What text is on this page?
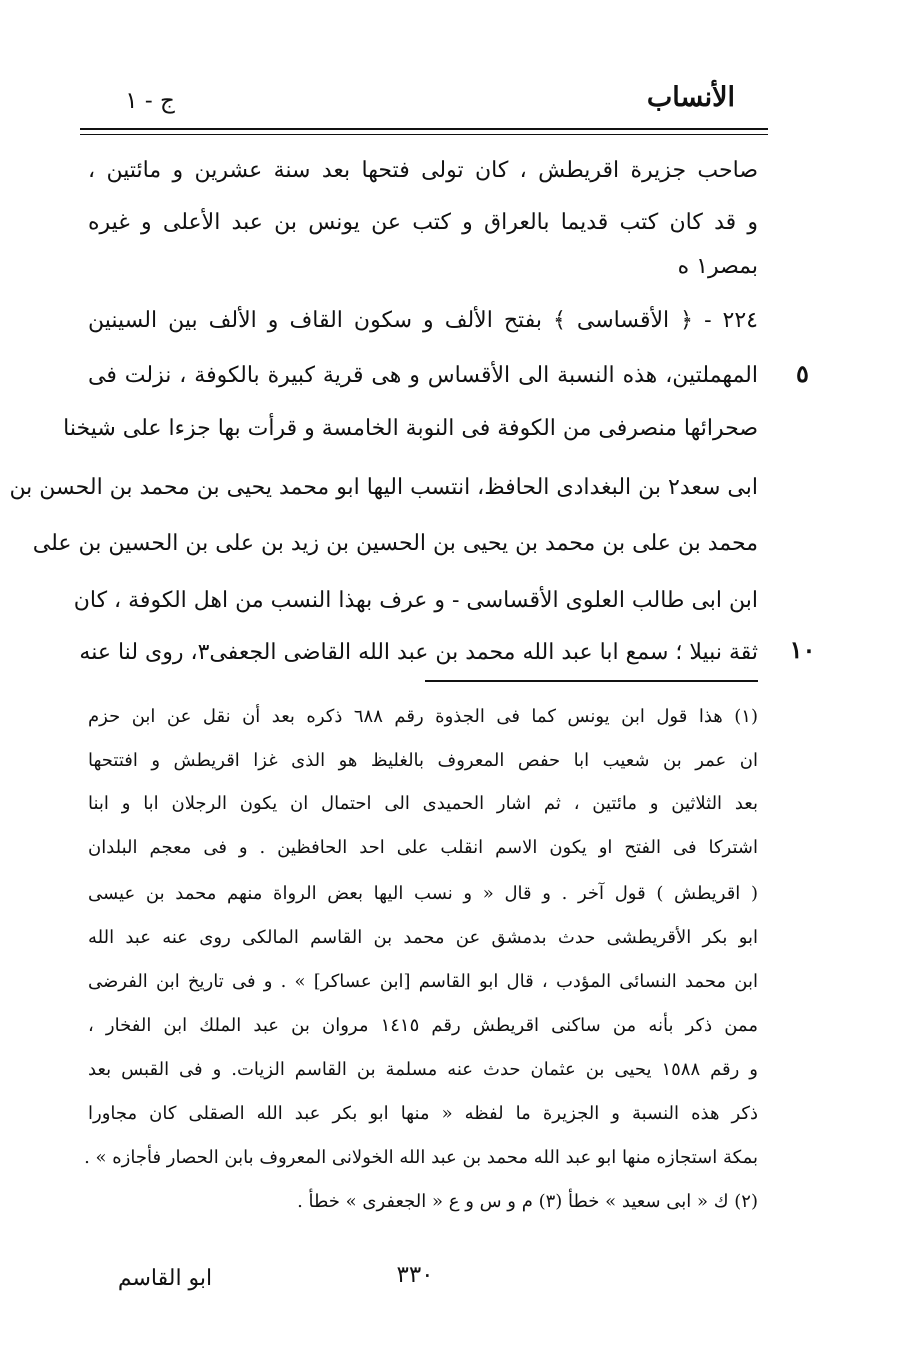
الأنساب
ج - ١
صاحب جزيرة اقريطش ، كان تولى فتحها بعد سنة عشرين و مائتين ،
و قد كان كتب قديما بالعراق و كتب عن يونس بن عبد الأعلى و غيره
بمصر١ ه
٢٢٤ - ﴿ الأقساسى ﴾ بفتح الألف و سكون القاف و الألف بين السينين
المهملتين، هذه النسبة الى الأقساس و هى قرية كبيرة بالكوفة ، نزلت فى
صحرائها منصرفى من الكوفة فى النوبة الخامسة و قرأت بها جزءا على شيخنا
ابى سعد٢ بن البغدادى الحافظ، انتسب اليها ابو محمد يحيى بن محمد بن الحسن بن
محمد بن على بن محمد بن يحيى بن الحسين بن زيد بن على بن الحسين بن على
ابن ابى طالب العلوى الأقساسى - و عرف بهذا النسب من اهل الكوفة ، كان
ثقة نبيلا ؛ سمع ابا عبد الله محمد بن عبد الله القاضى الجعفى٣، روى لنا عنه
٥
١٠
(١) هذا قول ابن يونس كما فى الجذوة رقم ٦٨٨ ذكره بعد أن نقل عن ابن حزم
ان عمر بن شعيب ابا حفص المعروف بالغليظ هو الذى غزا اقريطش و افتتحها
بعد الثلاثين و مائتين ، ثم اشار الحميدى الى احتمال ان يكون الرجلان ابا و ابنا
اشتركا فى الفتح او يكون الاسم انقلب على احد الحافظين . و فى معجم البلدان
( اقريطش ) قول آخر . و قال « و نسب اليها بعض الرواة منهم محمد بن عيسى
ابو بكر الأقريطشى حدث بدمشق عن محمد بن القاسم المالكى روى عنه عبد الله
ابن محمد النسائى المؤدب ، قال ابو القاسم [ابن عساكر] » . و فى تاريخ ابن الفرضى
ممن ذكر بأنه من ساكنى اقريطش رقم ١٤١٥ مروان بن عبد الملك ابن الفخار ،
و رقم ١٥٨٨ يحيى بن عثمان حدث عنه مسلمة بن القاسم الزيات. و فى القبس بعد
ذكر هذه النسبة و الجزيرة ما لفظه « منها ابو بكر عبد الله الصقلى كان مجاورا
بمكة استجازه منها ابو عبد الله محمد بن عبد الله الخولانى المعروف بابن الحصار فأجازه » .
(٢) ك « ابى سعيد » خطأ (٣) م و س و ع « الجعفرى » خطأ .
٣٣٠
ابو القاسم
